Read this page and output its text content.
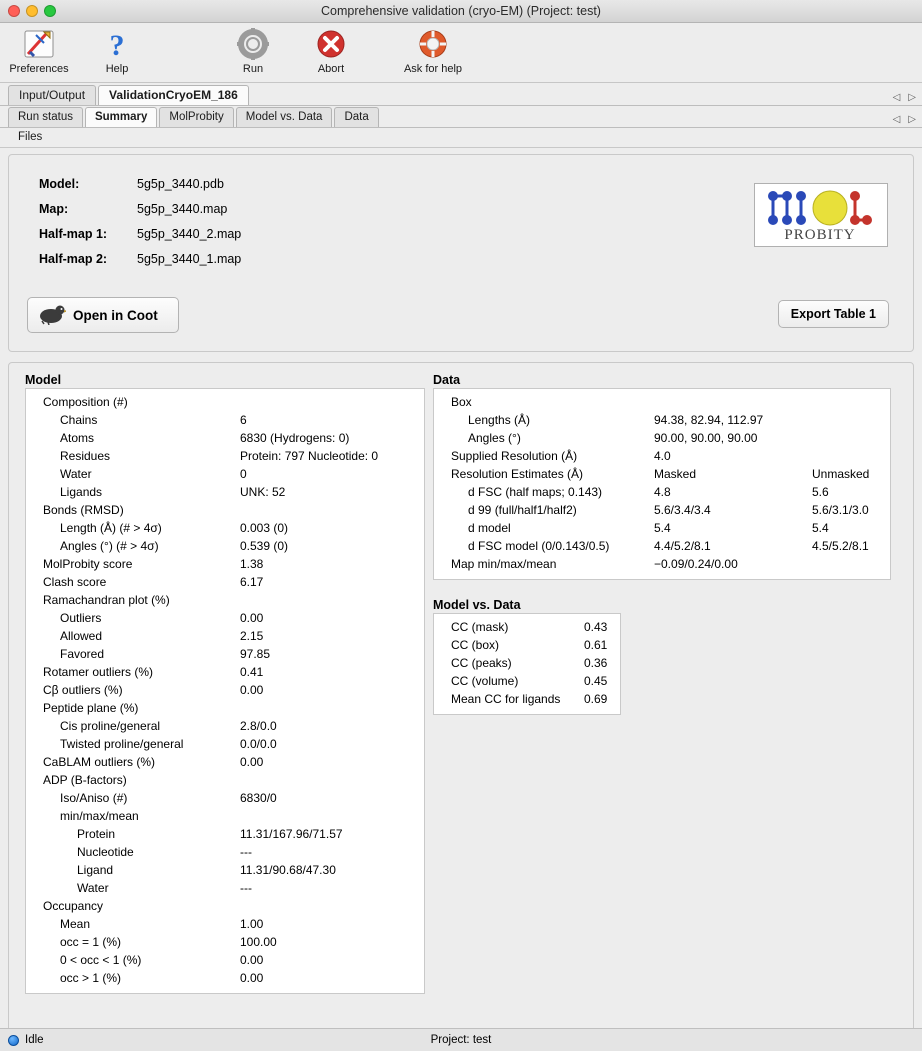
Comprehensive validation (cryo-EM) (Project: test)
Preferences
?
Help	Run	Abort	Ask for help
Input/Output	ValidationCryoEM_186	◁ ▷
Run status	Summary	MolProbity	Model vs. Data	Data	◁ ▷
Files
Model:	5g5p_3440.pdb
Map:	5g5p_3440.map
Half-map 1:	5g5p_3440_2.map
Half-map 2:	5g5p_3440_1.map
PROBITY
Open in Coot	Export Table 1
Model
Composition (#)
Chains	6
Atoms	6830 (Hydrogens: 0)
Residues	Protein: 797 Nucleotide: 0
Water	0
Ligands	UNK: 52
Bonds (RMSD)
Length (Å) (# > 4σ)	0.003 (0)
Angles (°) (# > 4σ)	0.539 (0)
MolProbity score	1.38
Clash score	6.17
Ramachandran plot (%)
Outliers	0.00
Allowed	2.15
Favored	97.85
Rotamer outliers (%)	0.41
Cβ outliers (%)	0.00
Peptide plane (%)
Cis proline/general	2.8/0.0
Twisted proline/general	0.0/0.0
CaBLAM outliers (%)	0.00
ADP (B-factors)
Iso/Aniso (#)	6830/0
min/max/mean
Protein	11.31/167.96/71.57
Nucleotide	---
Ligand	11.31/90.68/47.30
Water	---
Occupancy
Mean	1.00
occ = 1 (%)	100.00
0 < occ < 1 (%)	0.00
occ > 1 (%)	0.00
Data
Box
Lengths (Å)	94.38, 82.94, 112.97
Angles (°)	90.00, 90.00, 90.00
Supplied Resolution (Å)	4.0
Resolution Estimates (Å)	Masked	Unmasked
d FSC (half maps; 0.143)	4.8	5.6
d 99 (full/half1/half2)	5.6/3.4/3.4	5.6/3.1/3.0
d model	5.4	5.4
d FSC model (0/0.143/0.5)	4.4/5.2/8.1	4.5/5.2/8.1
Map min/max/mean	−0.09/0.24/0.00
Model vs. Data
CC (mask)	0.43
CC (box)	0.61
CC (peaks)	0.36
CC (volume)	0.45
Mean CC for ligands 0.69
Idle	Project: test
